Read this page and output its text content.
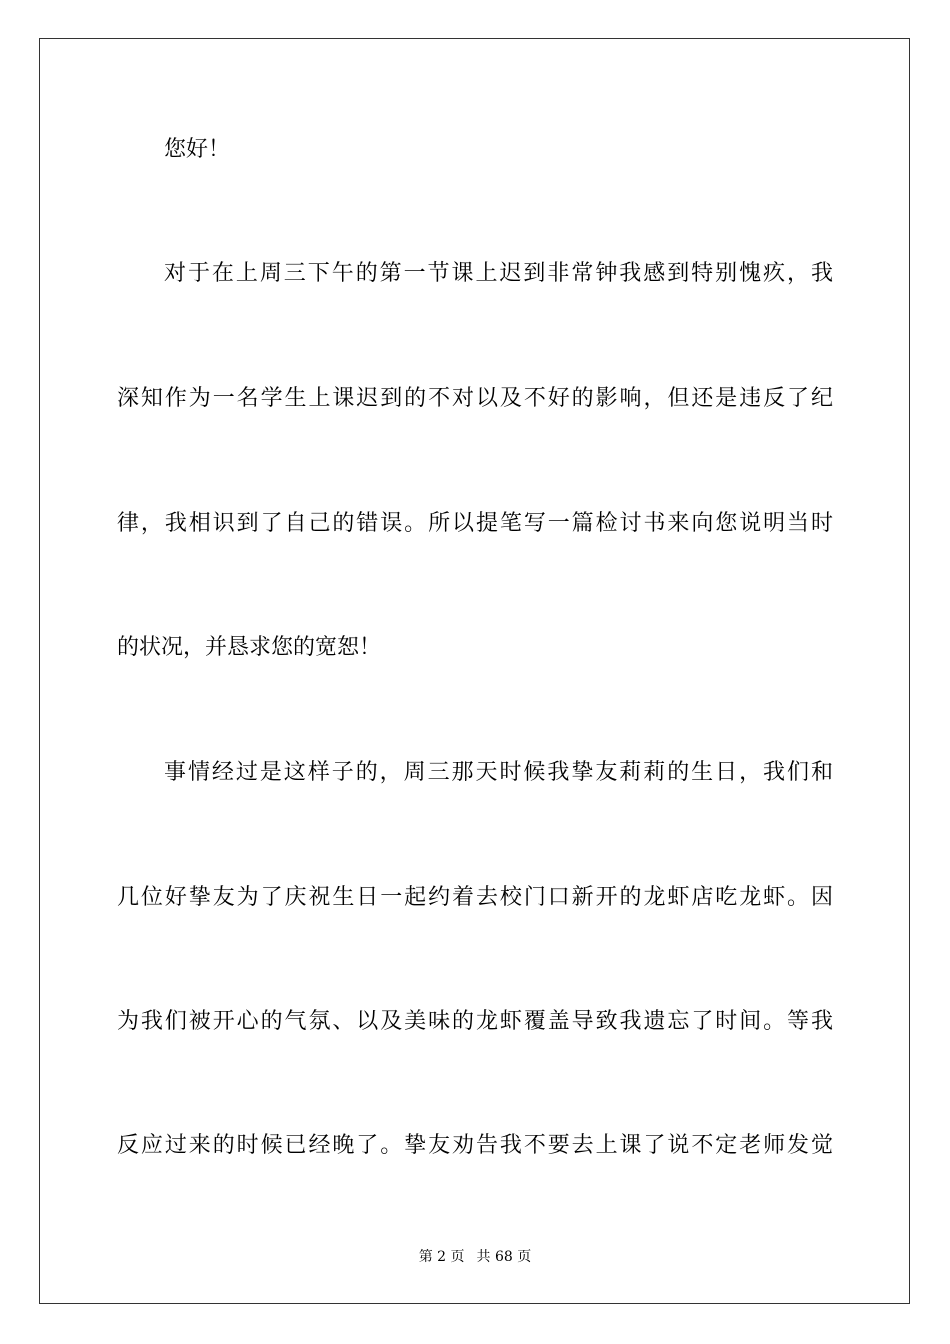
您好！

对于在上周三下午的第一节课上迟到非常钟我感到特别愧疚，我

深知作为一名学生上课迟到的不对以及不好的影响，但还是违反了纪

律，我相识到了自己的错误。所以提笔写一篇检讨书来向您说明当时

的状况，并恳求您的宽恕！

事情经过是这样子的，周三那天时候我挚友莉莉的生日，我们和

几位好挚友为了庆祝生日一起约着去校门口新开的龙虾店吃龙虾。因

为我们被开心的气氛、以及美味的龙虾覆盖导致我遗忘了时间。等我

反应过来的时候已经晚了。挚友劝告我不要去上课了说不定老师发觉

第 2 页 共 68 页
